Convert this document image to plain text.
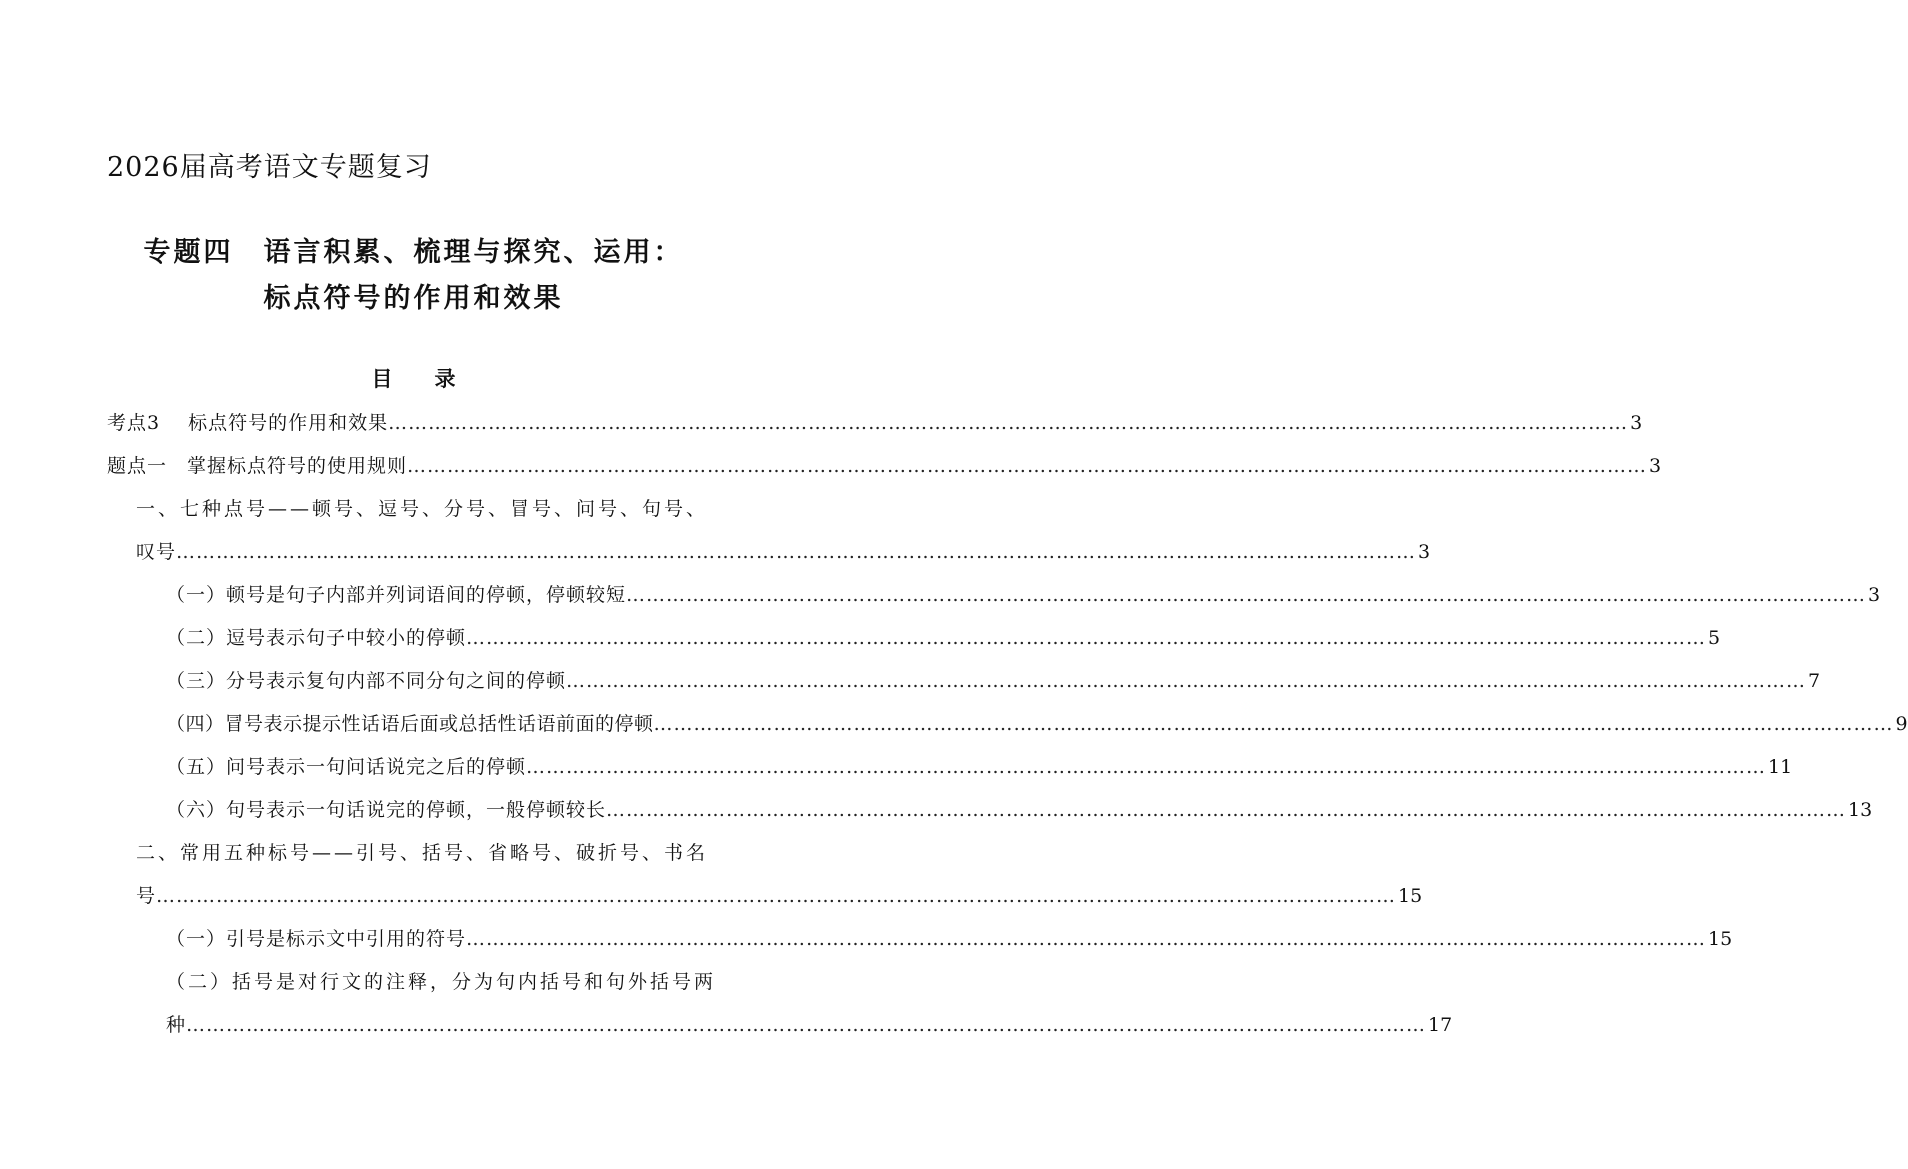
2026届高考语文专题复习
专题四　语言积累、梳理与探究、运用：
标点符号的作用和效果
目 录
考点3 标点符号的作用和效果 …………………………………………………………………………………………………………………………………………………………………… 3
题点一　掌握标点符号的使用规则 …………………………………………………………………………………………………………………………………………………………………… 3
一、七种点号——顿号、逗号、分号、冒号、问号、句号、
叹号 …………………………………………………………………………………………………………………………………………………………………… 3
（一）顿号是句子内部并列词语间的停顿，停顿较短 …………………………………………………………………………………………………………………………………………………………………… 3
（二）逗号表示句子中较小的停顿 …………………………………………………………………………………………………………………………………………………………………… 5
（三）分号表示复句内部不同分句之间的停顿 …………………………………………………………………………………………………………………………………………………………………… 7
（四）冒号表示提示性话语后面或总括性话语前面的停顿 …………………………………………………………………………………………………………………………………………………………………… 9
（五）问号表示一句问话说完之后的停顿 …………………………………………………………………………………………………………………………………………………………………… 11
（六）句号表示一句话说完的停顿，一般停顿较长 …………………………………………………………………………………………………………………………………………………………………… 13
二、常用五种标号——引号、括号、省略号、破折号、书名
号 …………………………………………………………………………………………………………………………………………………………………… 15
（一）引号是标示文中引用的符号 …………………………………………………………………………………………………………………………………………………………………… 15
（二）括号是对行文的注释，分为句内括号和句外括号两
种 …………………………………………………………………………………………………………………………………………………………………… 17
